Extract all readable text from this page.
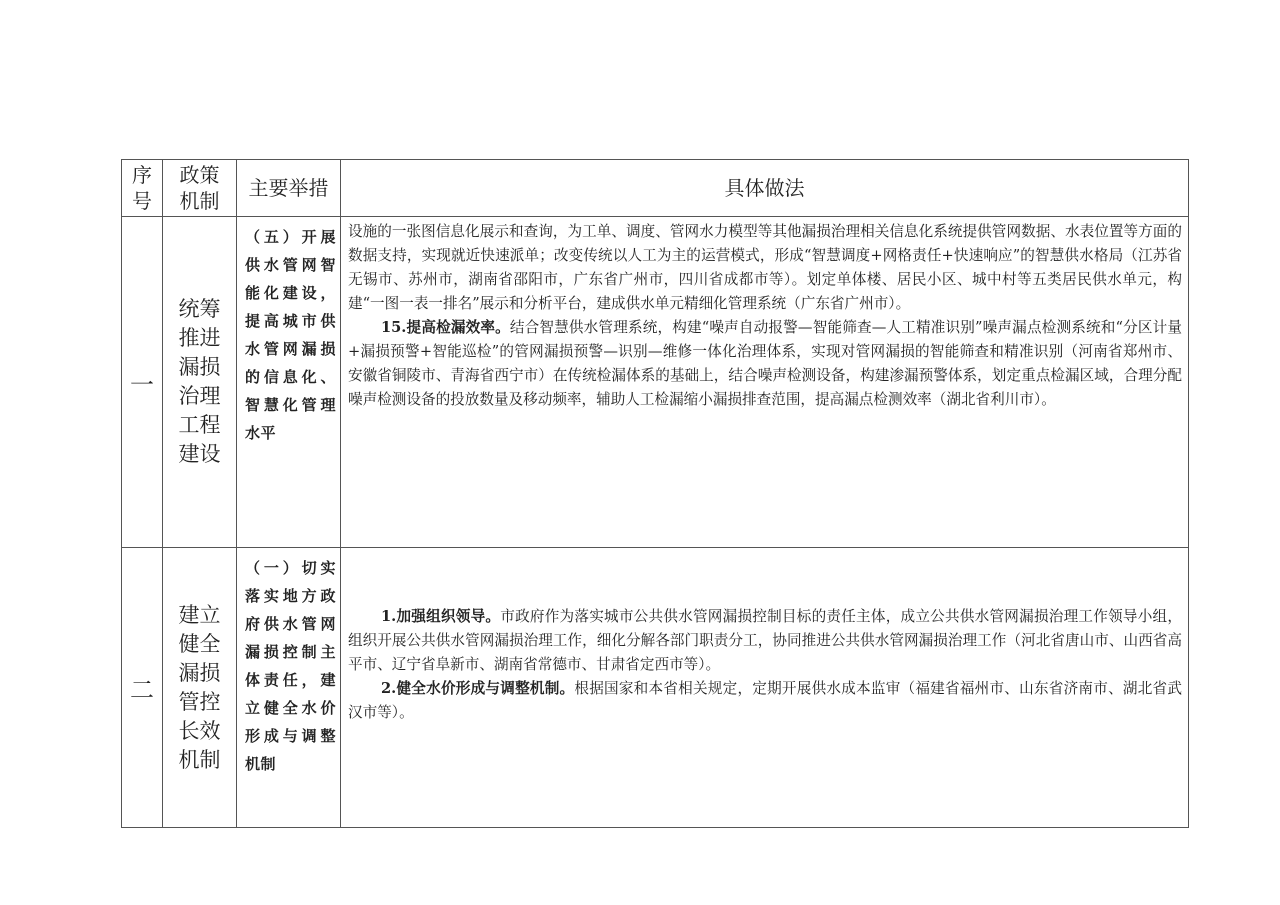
序号	政策机制	主要举措	具体做法
一	统筹推进漏损治理工程建设	（五）开展供水管网智能化建设，提高城市供水管网漏损的信息化、智慧化管理水平	设施的一张图信息化展示和查询，为工单、调度、管网水力模型等其他漏损治理相关信息化系统提供管网数据、水表位置等方面的数据支持，实现就近快速派单；改变传统以人工为主的运营模式，形成“智慧调度+网格责任+快速响应”的智慧供水格局（江苏省无锡市、苏州市，湖南省邵阳市，广东省广州市，四川省成都市等）。划定单体楼、居民小区、城中村等五类居民供水单元，构建“一图一表一排名”展示和分析平台，建成供水单元精细化管理系统（广东省广州市）。

15.提高检漏效率。结合智慧供水管理系统，构建“噪声自动报警—智能筛查—人工精准识别”噪声漏点检测系统和“分区计量+漏损预警+智能巡检”的管网漏损预警—识别—维修一体化治理体系，实现对管网漏损的智能筛查和精准识别（河南省郑州市、安徽省铜陵市、青海省西宁市）在传统检漏体系的基础上，结合噪声检测设备，构建渗漏预警体系，划定重点检漏区域，合理分配噪声检测设备的投放数量及移动频率，辅助人工检漏缩小漏损排查范围，提高漏点检测效率（湖北省利川市）。

二	建立健全漏损管控长效机制	（一）切实落实地方政府供水管网漏损控制主体责任，建立健全水价形成与调整机制	1.加强组织领导。市政府作为落实城市公共供水管网漏损控制目标的责任主体，成立公共供水管网漏损治理工作领导小组，组织开展公共供水管网漏损治理工作，细化分解各部门职责分工，协同推进公共供水管网漏损治理工作（河北省唐山市、山西省高平市、辽宁省阜新市、湖南省常德市、甘肃省定西市等）。

2.健全水价形成与调整机制。根据国家和本省相关规定，定期开展供水成本监审（福建省福州市、山东省济南市、湖北省武汉市等）。
